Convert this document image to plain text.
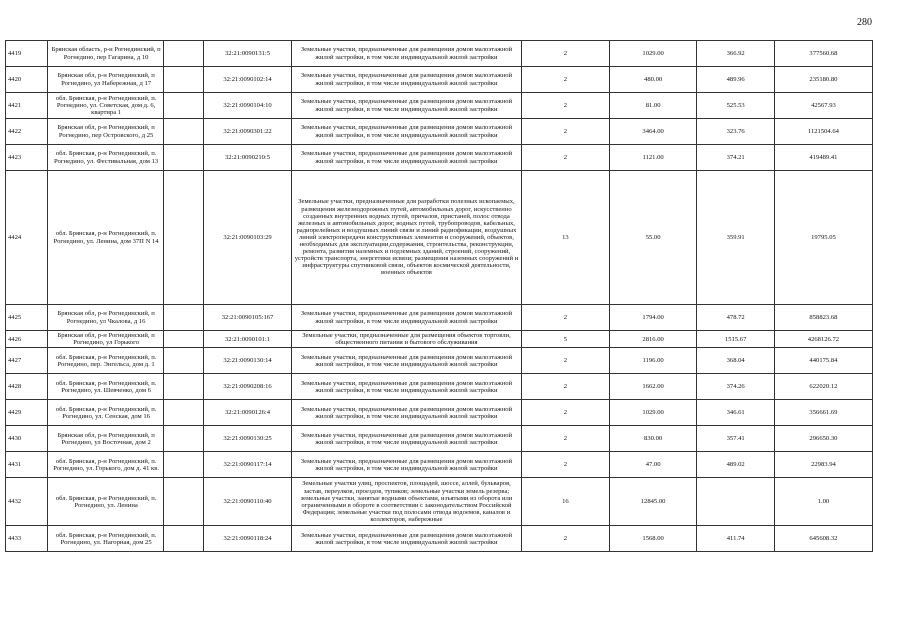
280
4419	Брянская область, р-н Рогнединский, п Рогнедино, пер Гагарина, д 10		32:21:0090131:5	Земельные участки, предназначенные для размещения домов малоэтажной жилой застройки, в том числе индивидуальной жилой застройки	2	1029.00	366.92	377560.68
4420	Брянская обл, р-н Рогнединский, п Рогнедино, ул Набережная, д 17		32:21:0090102:14	Земельные участки, предназначенные для размещения домов малоэтажной жилой застройки, в том числе индивидуальной жилой застройки	2	480.00	489.96	235180.80
4421	обл. Брянская, р-н Рогнединский, п. Рогнедино, ул. Советская, дом д. 6, квартира 1		32:21:0090104:10	Земельные участки, предназначенные для размещения домов малоэтажной жилой застройки, в том числе индивидуальной жилой застройки	2	81.00	525.53	42567.93
4422	Брянская обл, р-н Рогнединский, п Рогнедино, пер Островского, д 25		32:21:0090301:22	Земельные участки, предназначенные для размещения домов малоэтажной жилой застройки, в том числе индивидуальной жилой застройки	2	3464.00	323.76	1121504.64
4423	обл. Брянская, р-н Рогнединский, п. Рогнедино, ул. Фестивальная, дом 13		32:21:0090210:5	Земельные участки, предназначенные для размещения домов малоэтажной жилой застройки, в том числе индивидуальной жилой застройки	2	1121.00	374.21	419489.41
4424	обл. Брянская, р-н Рогнединский, п. Рогнедино, ул. Ленина, дом 37П N 14		32:21:0090103:29	Земельные участки, предназначенные для разработки полезных ископаемых, размещения железнодорожных путей, автомобильных дорог, искусственно созданных внутренних водных путей, причалов, пристаней, полос отвода железных и автомобильных дорог, водных путей, трубопроводов, кабельных, радиорелейных и воздушных линий связи и линий радиофикации, воздушных линий электропередачи конструктивных элементов и сооружений, объектов, необходимых для эксплуатации,содержания, строительства, реконструкции, ремонта, развития наземных и подземных зданий, строений, сооружений, устройств транспорта, энергетики исвязи; размещения наземных сооружений и инфраструктуры спутниковой связи, объектов космической деятельности, военных объектов	13	55.00	359.91	19795.05
4425	Брянская обл, р-н Рогнединский, п Рогнедино, ул Чкалова, д 16		32:21:0090105:167	Земельные участки, предназначенные для размещения домов малоэтажной жилой застройки, в том числе индивидуальной жилой застройки	2	1794.00	478.72	858823.68
4426	Брянская обл, р-н Рогнединский, п Рогнедино, ул Горького		32:21:0090101:1	Земельные участки, предназначенные для размещения объектов торговли, общественного питания и бытового обслуживания	5	2816.00	1515.67	4268126.72
4427	обл. Брянская, р-н Рогнединский, п. Рогнедино, пер. Энгельса, дом д. 1		32:21:0090130:14	Земельные участки, предназначенные для размещения домов малоэтажной жилой застройки, в том числе индивидуальной жилой застройки	2	1196.00	368.04	440175.84
4428	обл. Брянская, р-н Рогнединский, п. Рогнедино, ул. Шевченко, дом 6		32:21:0090208:16	Земельные участки, предназначенные для размещения домов малоэтажной жилой застройки, в том числе индивидуальной жилой застройки	2	1662.00	374.26	622020.12
4429	обл. Брянская, р-н Рогнединский, п. Рогнедино, ул. Сенская, дом 16		32:21:0090126:4	Земельные участки, предназначенные для размещения домов малоэтажной жилой застройки, в том числе индивидуальной жилой застройки	2	1029.00	346.61	356661.69
4430	Брянская обл, р-н Рогнединский, п Рогнедино, ул Восточная, дом 2		32:21:0090130:25	Земельные участки, предназначенные для размещения домов малоэтажной жилой застройки, в том числе индивидуальной жилой застройки	2	830.00	357.41	296650.30
4431	обл. Брянская, р-н Рогнединский, п. Рогнедино, ул. Горького, дом д. 41 кв.		32:21:0090117:14	Земельные участки, предназначенные для размещения домов малоэтажной жилой застройки, в том числе индивидуальной жилой застройки	2	47.00	489.02	22983.94
4432	обл. Брянская, р-н Рогнединский, п. Рогнедино, ул. Ленина		32:21:0090110:40	Земельные участки улиц, проспектов, площадей, шоссе, аллей, бульваров, застав, переулков, проездов, тупиков; земельные участки земель резерва; земельные участки, занятые водными объектами, изъятыми из оборота или ограниченными в обороте в соответствии с законодательством Российской Федерации; земельные участки под полосами отвода водоемов, каналов и коллекторов, набережные	16	12845.00		1.00
4433	обл. Брянская, р-н Рогнединский, п. Рогнедино, ул. Нагорная, дом 25		32:21:0090118:24	Земельные участки, предназначенные для размещения домов малоэтажной жилой застройки, в том числе индивидуальной жилой застройки	2	1568.00	411.74	645608.32
